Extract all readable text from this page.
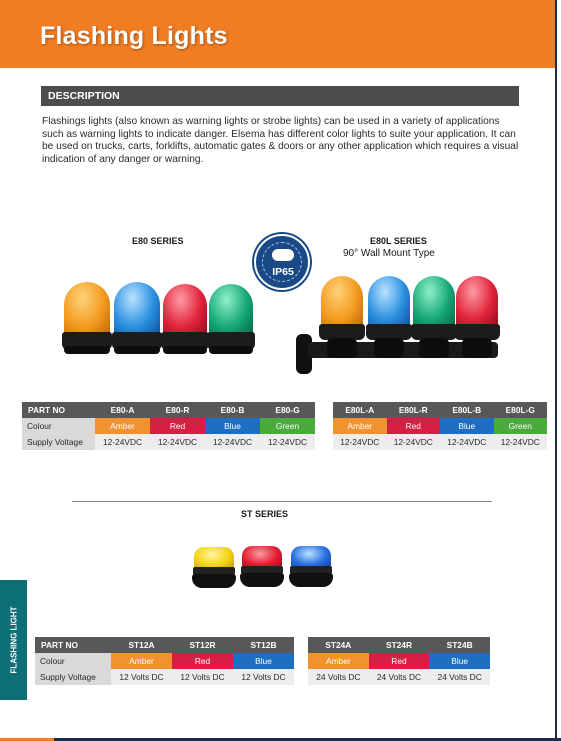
Flashing Lights
DESCRIPTION
Flashings lights (also known as warning lights or strobe lights) can be used in a variety of applications such as warning lights to indicate danger. Elsema has different color lights to suite your application. It can be used on trucks, carts, forklifts, automatic gates & doors or any other application which requires a visual indication of any danger or warning.
E80 SERIES
IP65
E80L SERIES
90° Wall Mount Type
PART NO	E80-A	E80-R	E80-B	E80-G
Colour	Amber	Red	Blue	Green
Supply Voltage	12-24VDC	12-24VDC	12-24VDC	12-24VDC
E80L-A	E80L-R	E80L-B	E80L-G
Amber	Red	Blue	Green
12-24VDC	12-24VDC	12-24VDC	12-24VDC
ST SERIES
PART NO	ST12A	ST12R	ST12B
Colour	Amber	Red	Blue
Supply Voltage	12 Volts DC	12 Volts DC	12 Volts DC
ST24A	ST24R	ST24B
Amber	Red	Blue
24 Volts DC	24 Volts DC	24 Volts DC
FLASHING LIGHT
